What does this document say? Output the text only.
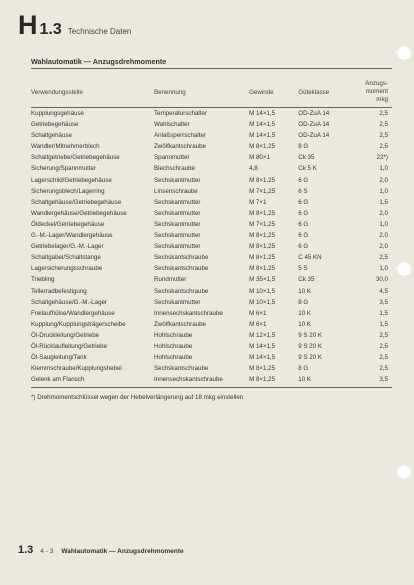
H 1.3 Technische Daten
Wahlautomatik — Anzugsdrehmomente
Verwendungsstelle	Benennung	Gewinde	Güteklasse	Anzugs-
moment
mkg
Kupplungsgehäuse	Temperaturschalter	M 14×1,5	OD-ZuA 14	2,5
Getriebegehäuse	Wahlschalter	M 14×1,5	OD-ZuA 14	2,5
Schaltgehäuse	Anlaßsperrschalter	M 14×1,5	OD-ZuA 14	2,5
Wandler/Mitnehmerblech	Zwölfkantschraube	M 8×1,25	8 G	2,5
Schaltgetriebe/Getriebegehäuse	Spannmutter	M 80×1	Ck 35	22*)
Sicherung/Spannmutter	Blechschraube	4,8	Ck 5 K	1,0
Lagerschild/Getriebegehäuse	Sechskantmutter	M 8×1,25	6 G	2,0
Sicherungsblech/Lagerring	Linsenschraube	M 7×1,25	6 S	1,0
Schaltgehäuse/Getriebegehäuse	Sechskantmutter	M 7×1	6 G	1,5
Wandlergehäuse/Getriebegehäuse	Sechskantmutter	M 8×1,25	6 G	2,0
Öldeckel/Getriebegehäuse	Sechskantmutter	M 7×1,25	6 G	1,0
G.-M.-Lager/Wandlergehäuse	Sechskantmutter	M 8×1,25	6 G	2,0
Getriebelager/G.-M.-Lager	Sechskantmutter	M 8×1,25	6 G	2,0
Schaltgabel/Schaltstange	Sechskantschraube	M 8×1,25	C 45 KN	2,5
Lagersicherungsschraube	Sechskantschraube	M 8×1,25	5 S	1,0
Triebling	Rundmutter	M 35×1,5	Ck 35	30,0
Tellerradbefestigung	Sechskantschraube	M 10×1,5	10 K	4,5
Schaltgehäuse/G.-M.-Lager	Sechskantmutter	M 10×1,5	8 G	3,5
Freilaufhülse/Wandlergehäuse	Innensechskantschraube	M 6×1	10 K	1,5
Kupplung/Kupplungsträgerscheibe	Zwölfkantschraube	M 6×1	10 K	1,5
Öl-Druckleitung/Getriebe	Hohlschraube	M 12×1,5	9 S 20 K	2,5
Öl-Rücklaufleitung/Getriebe	Hohlschraube	M 14×1,5	9 S 20 K	2,5
Öl-Saugleitung/Tank	Hohlschraube	M 14×1,5	9 S 20 K	2,5
Klemmschraube/Kupplungshebel	Sechskantschraube	M 8×1,25	8 G	2,5
Gelenk am Flansch	Innensechskantschraube	M 8×1,25	10 K	3,5
*) Drehmomentschlüssel wegen der Hebelverlängerung auf 18 mkg einstellen
1.3 4 - 3 Wahlautomatik — Anzugsdrehmomente
